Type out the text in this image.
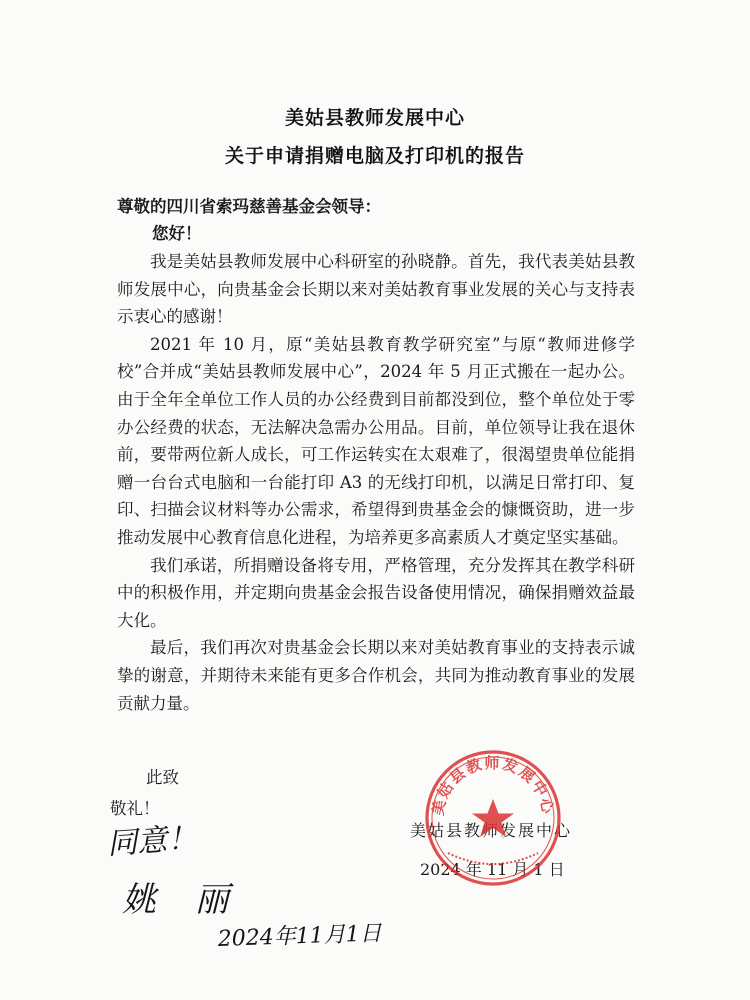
美姑县教师发展中心
关于申请捐赠电脑及打印机的报告
尊敬的四川省索玛慈善基金会领导：
您好！

我是美姑县教师发展中心科研室的孙晓静。首先，我代表美姑县教师发展中心，向贵基金会长期以来对美姑教育事业发展的关心与支持表示衷心的感谢！

2021 年 10 月，原“美姑县教育教学研究室”与原“教师进修学校”合并成“美姑县教师发展中心”，2024 年 5 月正式搬在一起办公。由于全年全单位工作人员的办公经费到目前都没到位，整个单位处于零办公经费的状态，无法解决急需办公用品。目前，单位领导让我在退休前，要带两位新人成长，可工作运转实在太艰难了，很渴望贵单位能捐赠一台台式电脑和一台能打印 A3 的无线打印机，以满足日常打印、复印、扫描会议材料等办公需求，希望得到贵基金会的慷慨资助，进一步推动发展中心教育信息化进程，为培养更多高素质人才奠定坚实基础。

我们承诺，所捐赠设备将专用，严格管理，充分发挥其在教学科研中的积极作用，并定期向贵基金会报告设备使用情况，确保捐赠效益最大化。

最后，我们再次对贵基金会长期以来对美姑教育事业的支持表示诚挚的谢意，并期待未来能有更多合作机会，共同为推动教育事业的发展贡献力量。

此致
敬礼！
美姑县教师发展中心
2024 年 11 月 1 日
美姑县教师发展中心
同意！
姚 丽
2024年11月1日
